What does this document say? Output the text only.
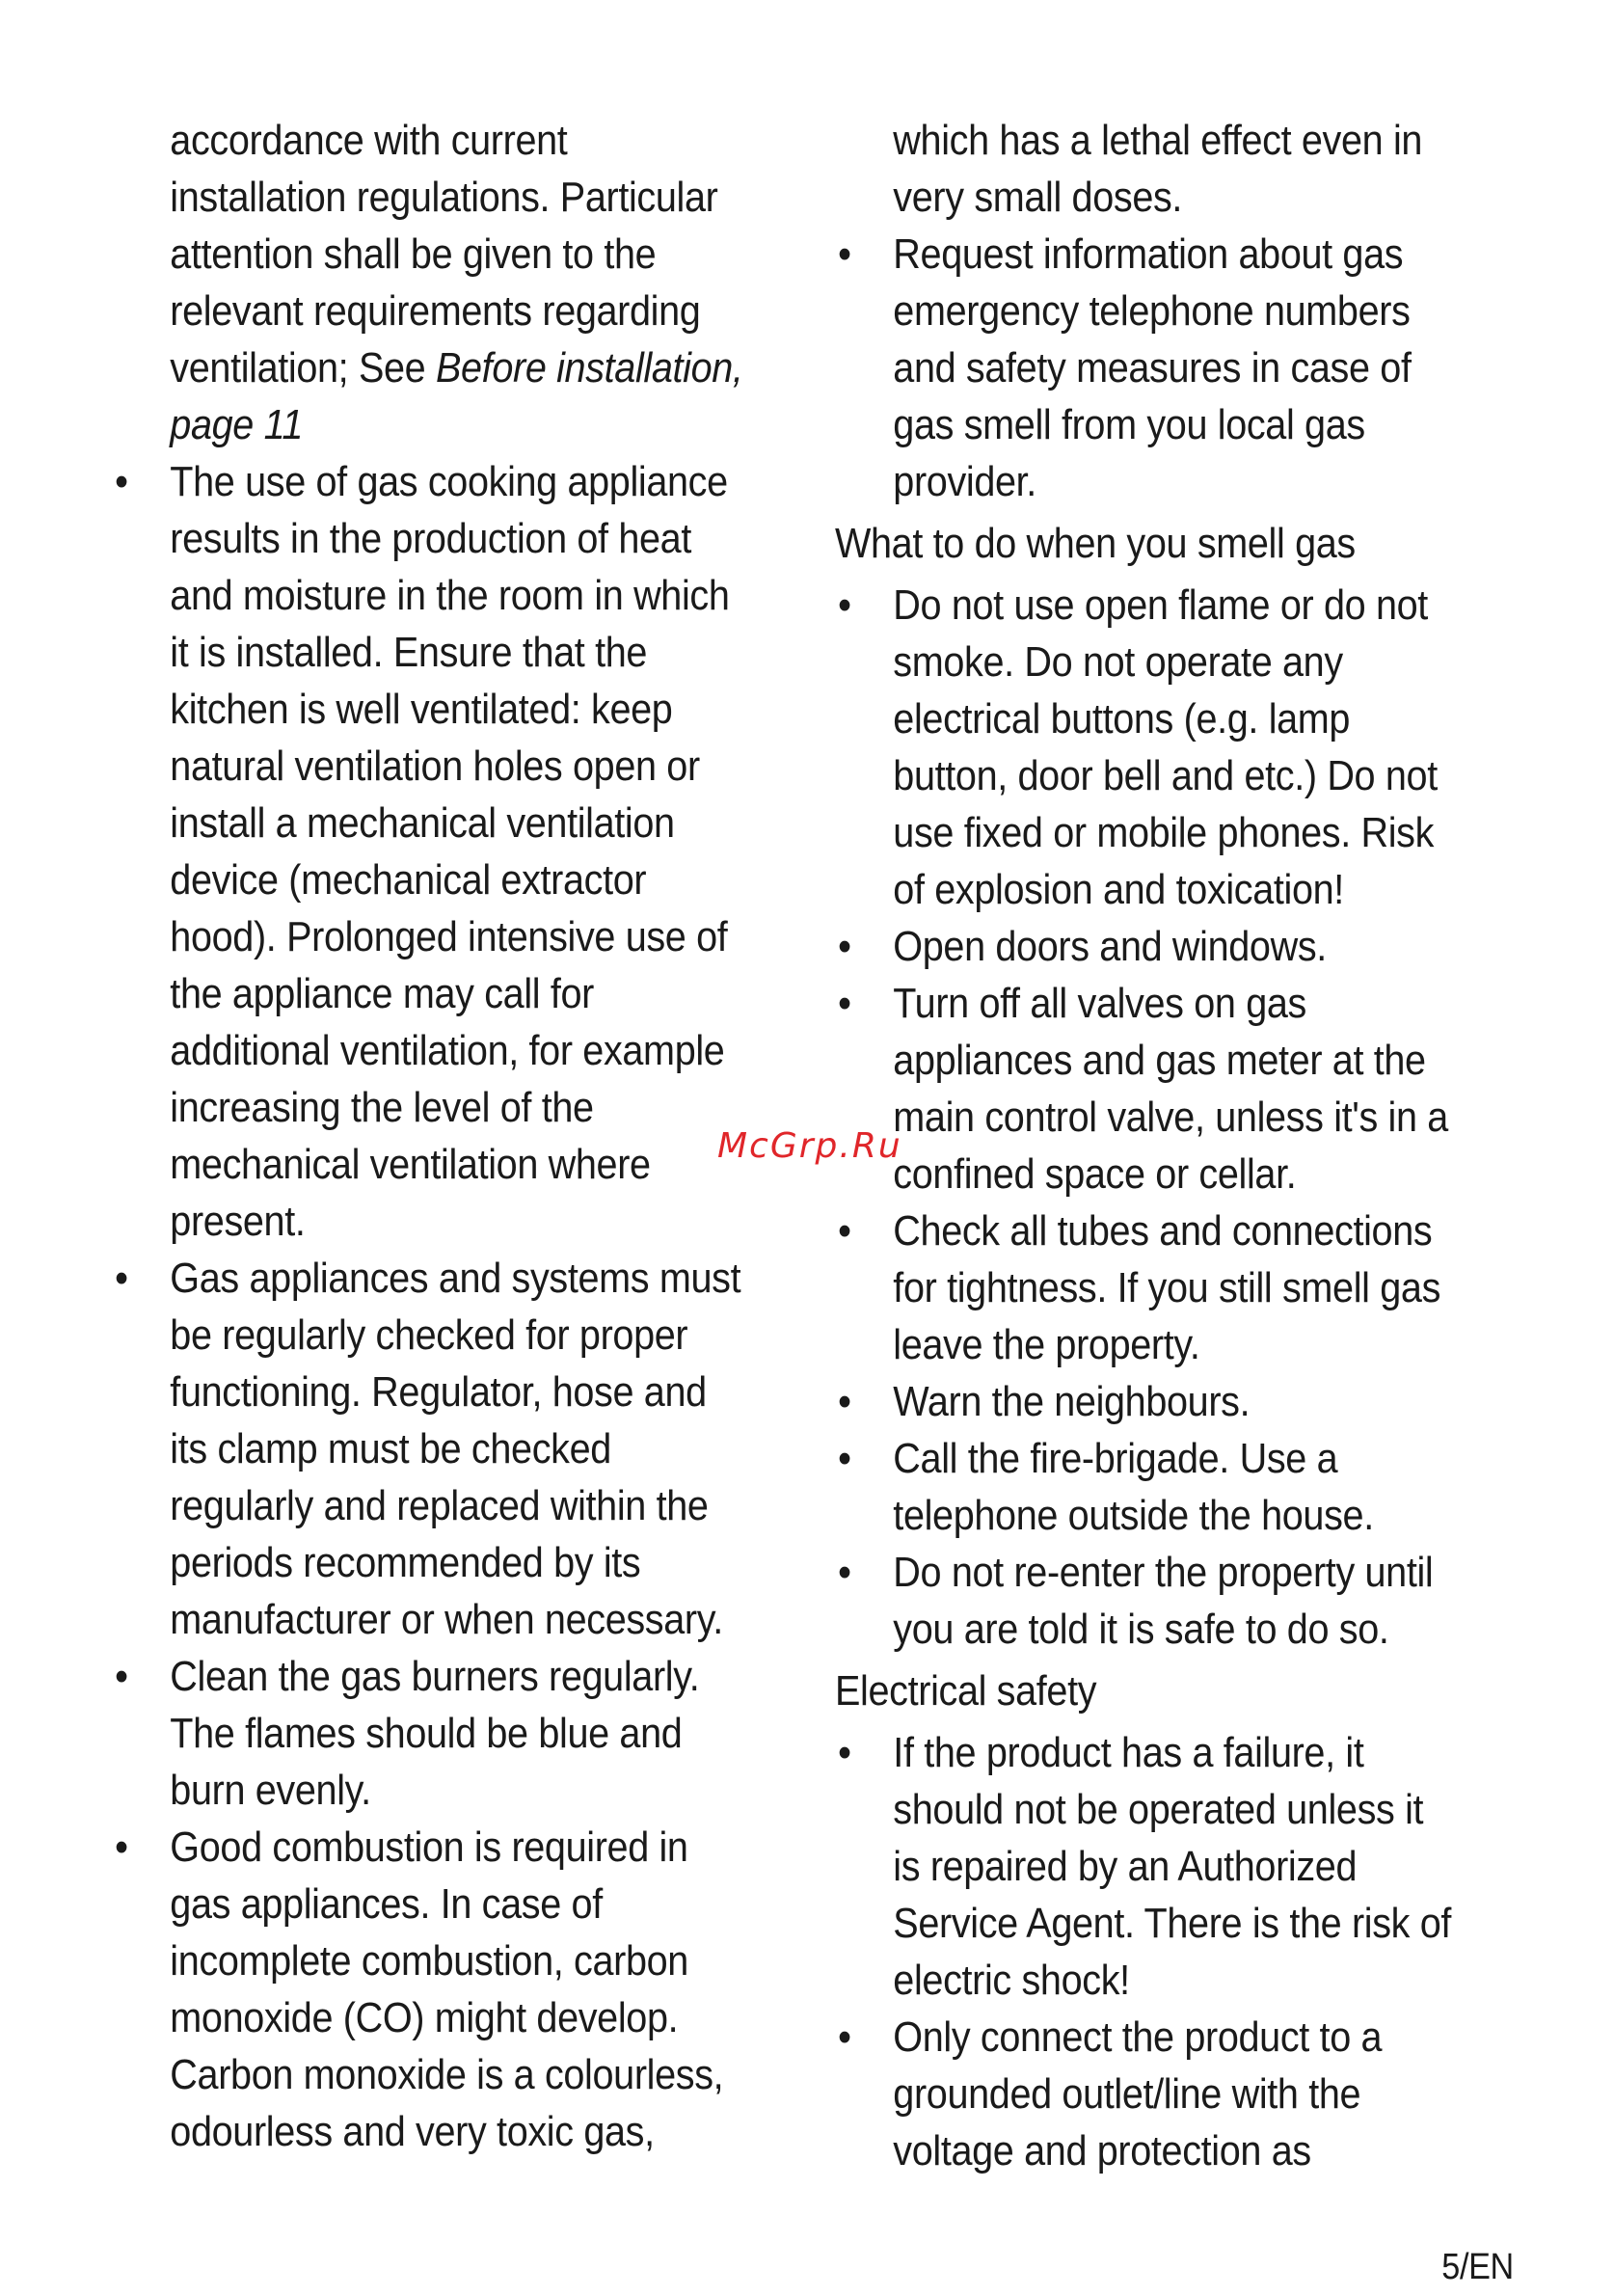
accordance with current
installation regulations. Particular
attention shall be given to the
relevant requirements regarding
ventilation; See Before installation,
page 11
• The use of gas cooking appliance
results in the production of heat
and moisture in the room in which
it is installed. Ensure that the
kitchen is well ventilated: keep
natural ventilation holes open or
install a mechanical ventilation
device (mechanical extractor
hood). Prolonged intensive use of
the appliance may call for
additional ventilation, for example
increasing the level of the
mechanical ventilation where
present.
• Gas appliances and systems must
be regularly checked for proper
functioning. Regulator, hose and
its clamp must be checked
regularly and replaced within the
periods recommended by its
manufacturer or when necessary.
• Clean the gas burners regularly.
The flames should be blue and
burn evenly.
• Good combustion is required in
gas appliances. In case of
incomplete combustion, carbon
monoxide (CO) might develop.
Carbon monoxide is a colourless,
odourless and very toxic gas,
which has a lethal effect even in
very small doses.
• Request information about gas
emergency telephone numbers
and safety measures in case of
gas smell from you local gas
provider.
What to do when you smell gas
• Do not use open flame or do not
smoke. Do not operate any
electrical buttons (e.g. lamp
button, door bell and etc.) Do not
use fixed or mobile phones. Risk
of explosion and toxication!
• Open doors and windows.
• Turn off all valves on gas
appliances and gas meter at the
main control valve, unless it's in a
confined space or cellar.
• Check all tubes and connections
for tightness. If you still smell gas
leave the property.
• Warn the neighbours.
• Call the fire-brigade. Use a
telephone outside the house.
• Do not re-enter the property until
you are told it is safe to do so.
Electrical safety
• If the product has a failure, it
should not be operated unless it
is repaired by an Authorized
Service Agent. There is the risk of
electric shock!
• Only connect the product to a
grounded outlet/line with the
voltage and protection as
McGrp.Ru
5/EN
